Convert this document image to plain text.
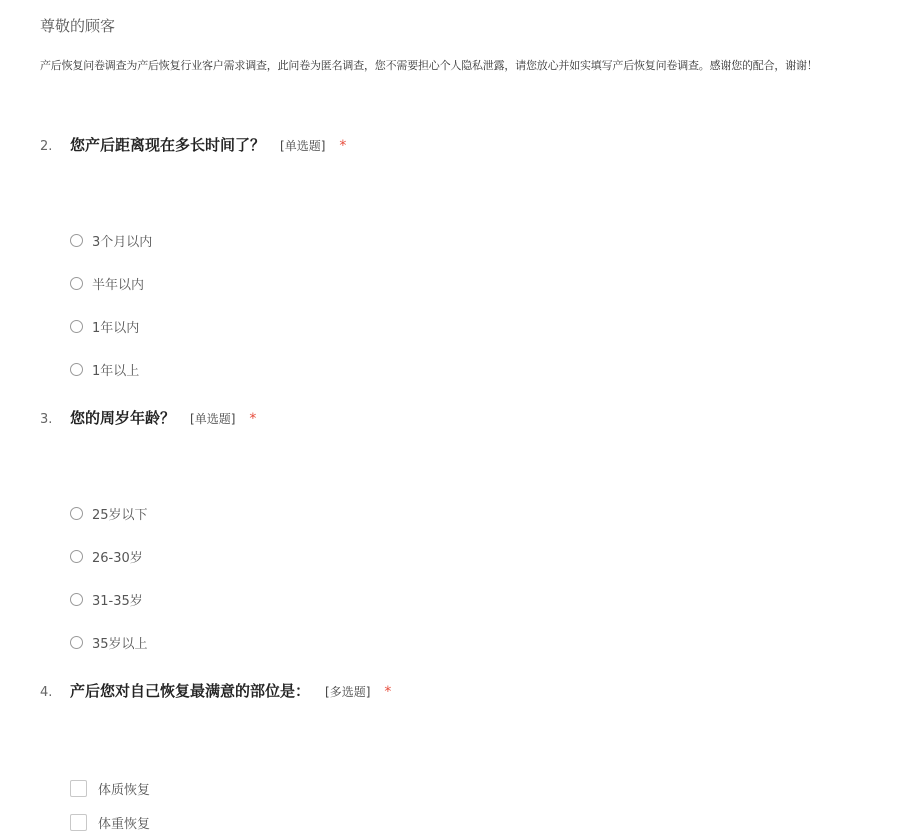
尊敬的顾客
产后恢复问卷调查为产后恢复行业客户需求调查，此问卷为匿名调查，您不需要担心个人隐私泄露，请您放心并如实填写产后恢复问卷调查。感谢您的配合，谢谢！
2.	您产后距离现在多长时间了？ [单选题] *
3个月以内
半年以内
1年以内
1年以上
3.	您的周岁年龄？ [单选题] *
25岁以下
26-30岁
31-35岁
35岁以上
4.	产后您对自己恢复最满意的部位是： [多选题] *
体质恢复
体重恢复
